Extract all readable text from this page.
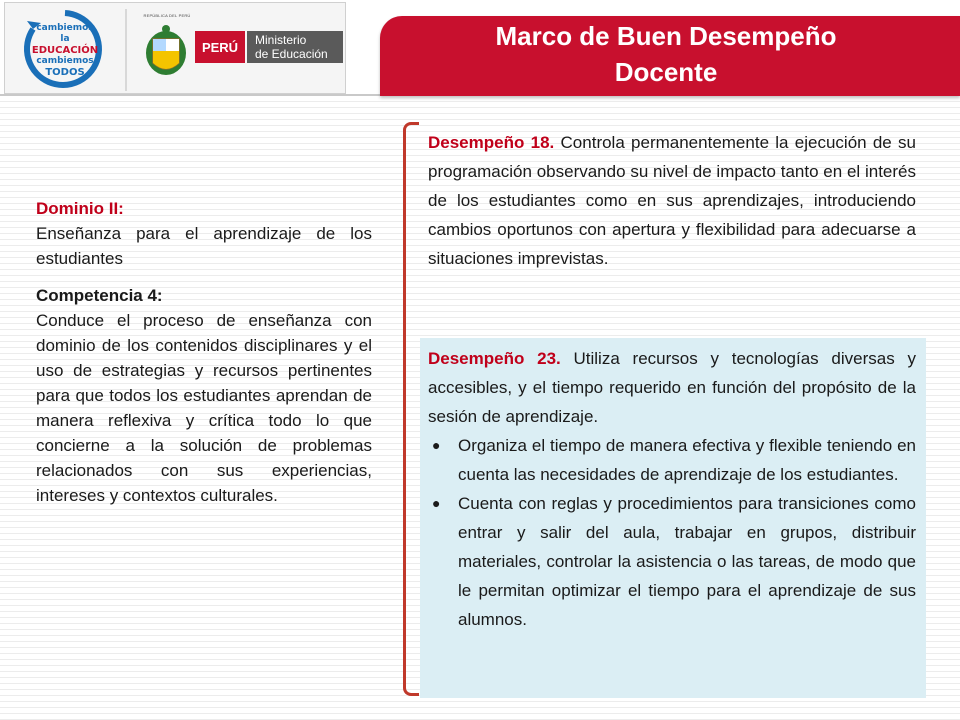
cambiemos la
EDUCACIÓN
cambiemos
TODOS
REPÚBLICA DEL PERÚ
PERÚ	Ministerio
de Educación
Marco de Buen Desempeño
Docente
Dominio II:
Enseñanza para el aprendizaje de los estudiantes
Competencia 4:
Conduce el proceso de enseñanza con dominio de los contenidos disciplinares y el uso de estrategias y recursos pertinentes para que todos los estudiantes aprendan de manera reflexiva y crítica todo lo que concierne a la solución de problemas relacionados con sus experiencias, intereses y contextos culturales.
Desempeño 18. Controla permanentemente la ejecución de su programación observando su nivel de impacto tanto en el interés de los estudiantes como en sus aprendizajes, introduciendo cambios oportunos con apertura y flexibilidad para adecuarse a situaciones imprevistas.

Desempeño 23. Utiliza recursos y tecnologías diversas y accesibles, y el tiempo requerido en función del propósito de la sesión de aprendizaje.

● Organiza el tiempo de manera efectiva y flexible teniendo en cuenta las necesidades de aprendizaje de los estudiantes.
● Cuenta con reglas y procedimientos para transiciones como entrar y salir del aula, trabajar en grupos, distribuir materiales, controlar la asistencia o las tareas, de modo que le permitan optimizar el tiempo para el aprendizaje de sus alumnos.
